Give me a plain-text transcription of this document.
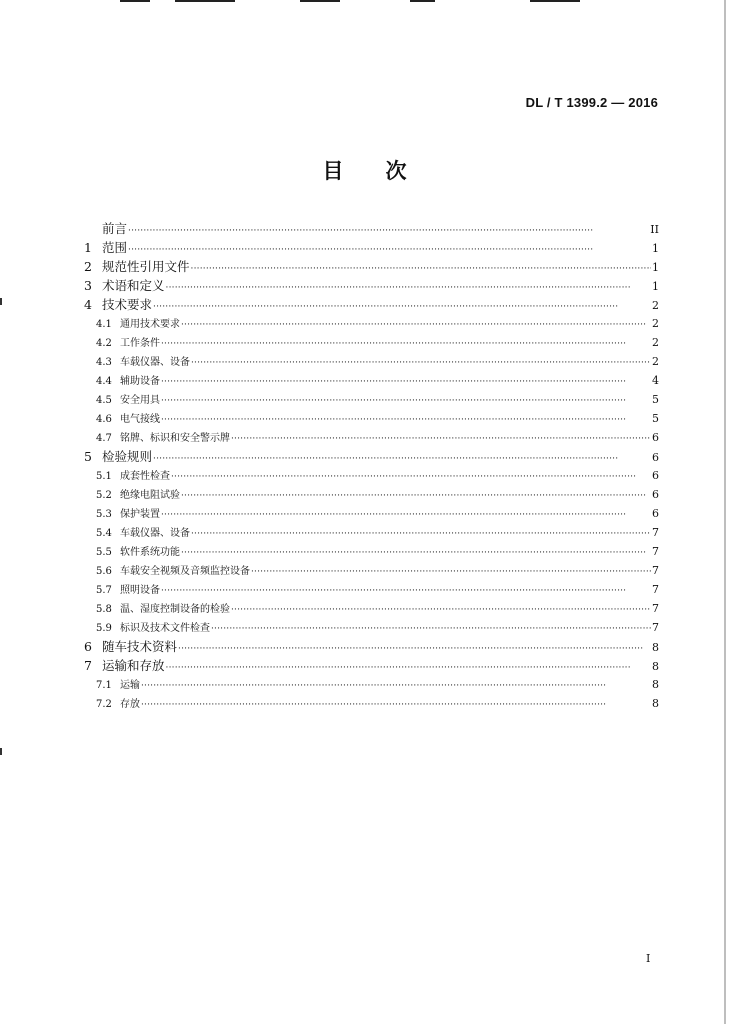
DL / T 1399.2 — 2016
目次
前言 ·····	II
1 范围 ·····	1
2 规范性引用文件 ·····	1
3 术语和定义 ·····	1
4 技术要求 ·····	2
4.1 通用技术要求 ·····	2
4.2 工作条件 ·····	2
4.3 车载仪器、设备 ·····	2
4.4 辅助设备 ·····	4
4.5 安全用具 ·····	5
4.6 电气接线 ·····	5
4.7 铭牌、标识和安全警示牌 ·····	6
5 检验规则 ·····	6
5.1 成套性检查 ·····	6
5.2 绝缘电阻试验 ·····	6
5.3 保护装置 ·····	6
5.4 车载仪器、设备 ·····	7
5.5 软件系统功能 ·····	7
5.6 车载安全视频及音频监控设备 ·····	7
5.7 照明设备 ·····	7
5.8 温、湿度控制设备的检验 ·····	7
5.9 标识及技术文件检查 ·····	7
6 随车技术资料 ·····	8
7 运输和存放 ·····	8
7.1 运输 ·····	8
7.2 存放 ·····	8
I
